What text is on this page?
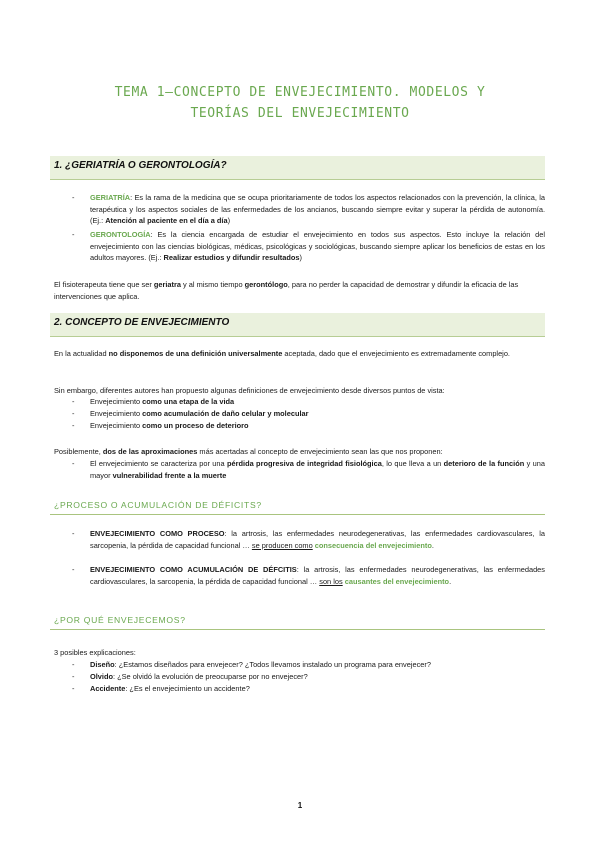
TEMA 1–CONCEPTO DE ENVEJECIMIENTO. MODELOS Y
TEORÍAS DEL ENVEJECIMIENTO
1. ¿GERIATRÍA O GERONTOLOGÍA?
- GERIATRÍA: Es la rama de la medicina que se ocupa prioritariamente de todos los aspectos relacionados con la prevención, la clínica, la terapéutica y los aspectos sociales de las enfermedades de los ancianos, buscando siempre evitar y superar la pérdida de autonomía. (Ej.: Atención al paciente en el día a día)
- GERONTOLOGÍA: Es la ciencia encargada de estudiar el envejecimiento en todos sus aspectos. Esto incluye la relación del envejecimiento con las ciencias biológicas, médicas, psicológicas y sociológicas, buscando siempre aplicar los beneficios de estas en los adultos mayores. (Ej.: Realizar estudios y difundir resultados)
El fisioterapeuta tiene que ser geriatra y al mismo tiempo gerontólogo, para no perder la capacidad de demostrar y difundir la eficacia de las intervenciones que aplica.
2. CONCEPTO DE ENVEJECIMIENTO
En la actualidad no disponemos de una definición universalmente aceptada, dado que el envejecimiento es extremadamente complejo.
Sin embargo, diferentes autores han propuesto algunas definiciones de envejecimiento desde diversos puntos de vista:
- Envejecimiento como una etapa de la vida
- Envejecimiento como acumulación de daño celular y molecular
- Envejecimiento como un proceso de deterioro
Posiblemente, dos de las aproximaciones más acertadas al concepto de envejecimiento sean las que nos proponen:
- El envejecimiento se caracteriza por una pérdida progresiva de integridad fisiológica, lo que lleva a un deterioro de la función y una mayor vulnerabilidad frente a la muerte
¿PROCESO O ACUMULACIÓN DE DÉFICITS?
- ENVEJECIMIENTO COMO PROCESO: la artrosis, las enfermedades neurodegenerativas, las enfermedades cardiovasculares, la sarcopenia, la pérdida de capacidad funcional … se producen como consecuencia del envejecimiento.
- ENVEJECIMIENTO COMO ACUMULACIÓN DE DÉFCITIS: la artrosis, las enfermedades neurodegenerativas, las enfermedades cardiovasculares, la sarcopenia, la pérdida de capacidad funcional … son los causantes del envejecimiento.
¿POR QUÉ ENVEJECEMOS?
3 posibles explicaciones:
- Diseño: ¿Estamos diseñados para envejecer? ¿Todos llevamos instalado un programa para envejecer?
- Olvido: ¿Se olvidó la evolución de preocuparse por no envejecer?
- Accidente: ¿Es el envejecimiento un accidente?
1
